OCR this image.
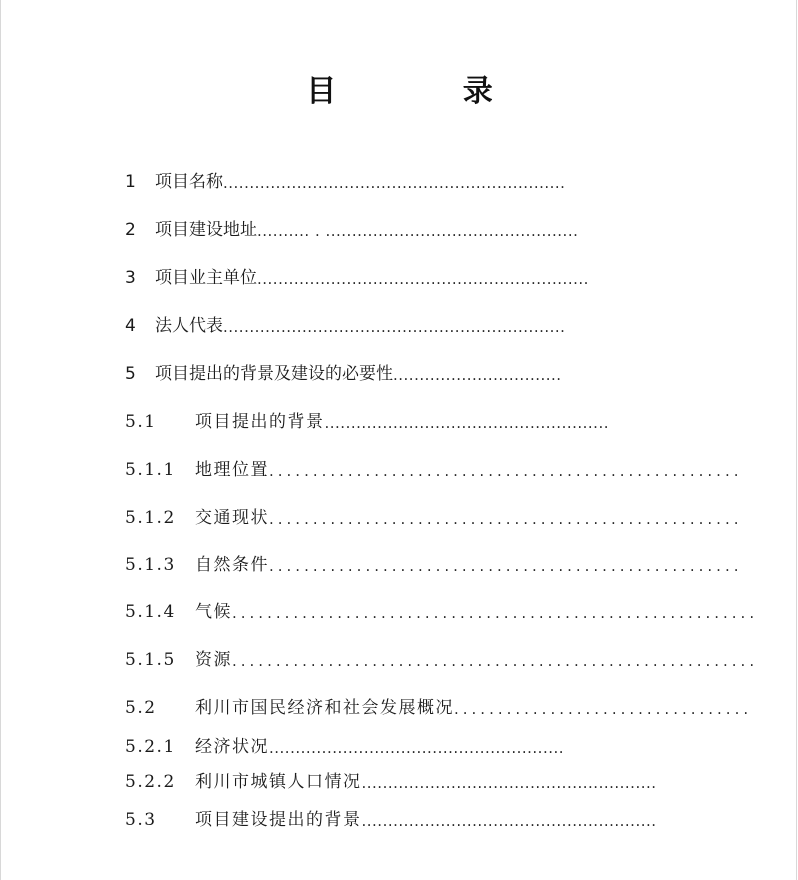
目 录
1	项目名称 .................................................................
2	项目建设地址 .......... . ................................................
3	项目业主单位 ...............................................................
4	法人代表 .................................................................
5	项目提出的背景及建设的必要性 ................................
5.1	项目提出的背景 ......................................................
5.1.1	地理位置 ......................................................
5.1.2	交通现状 ......................................................
5.1.3	自然条件 ......................................................
5.1.4	气候 ............................................................
5.1.5	资源 ............................................................
5.2	利川市国民经济和社会发展概况 ..................................
5.2.1	经济状况 ........................................................
5.2.2	利川市城镇人口情况 ........................................................
5.3	项目建设提出的背景 ........................................................
